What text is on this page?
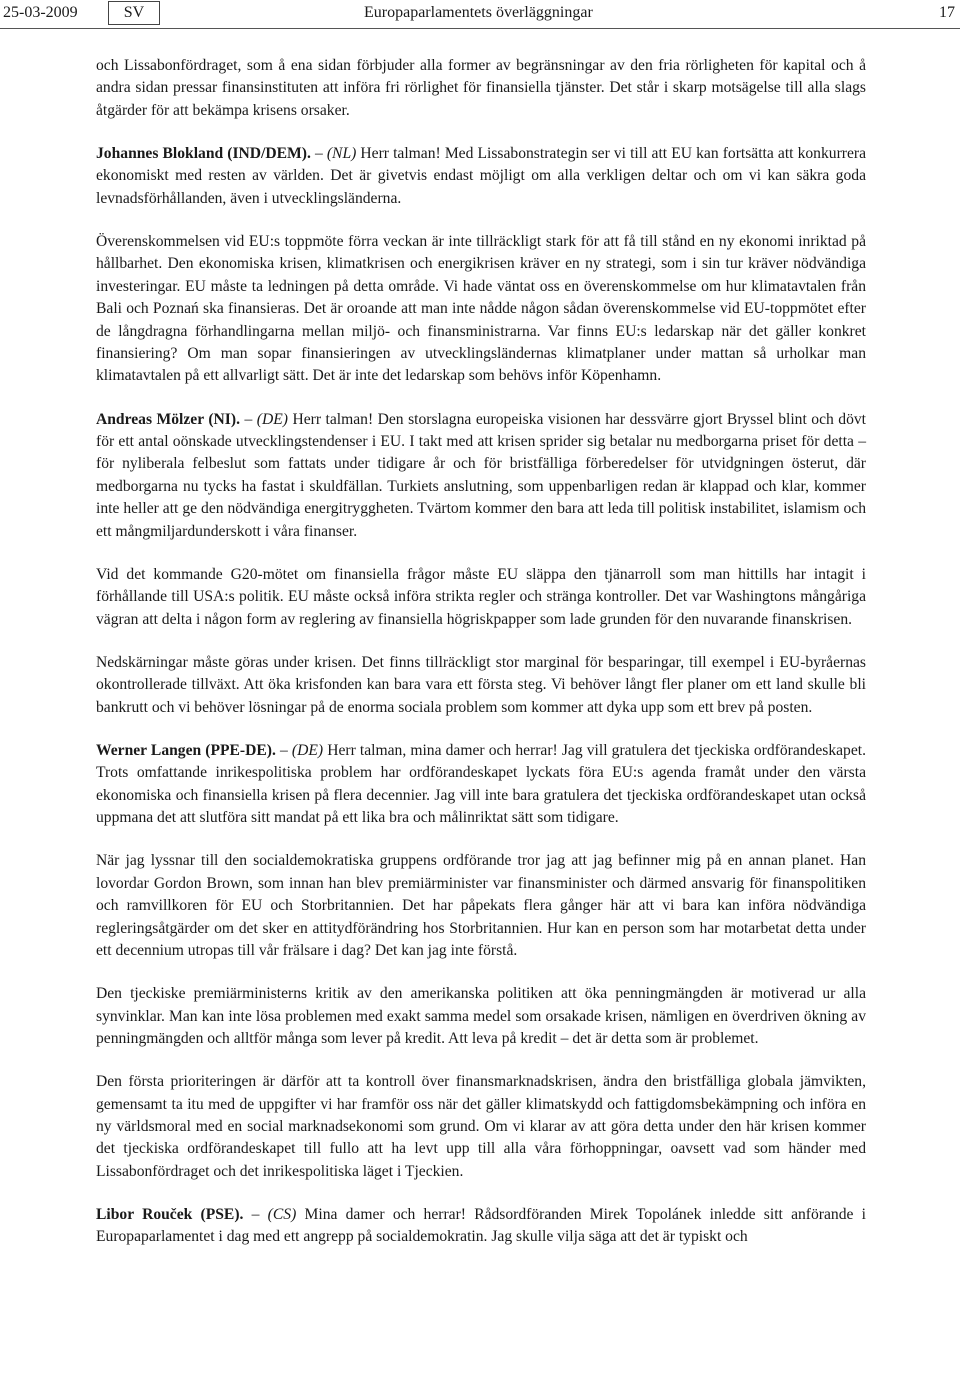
25-03-2009	SV	Europaparlamentets överläggningar	17

och Lissabonfördraget, som å ena sidan förbjuder alla former av begränsningar av den fria rörligheten för kapital och å andra sidan pressar finansinstituten att införa fri rörlighet för finansiella tjänster. Det står i skarp motsägelse till alla slags åtgärder för att bekämpa krisens orsaker.

Johannes Blokland (IND/DEM). – (NL) Herr talman! Med Lissabonstrategin ser vi till att EU kan fortsätta att konkurrera ekonomiskt med resten av världen. Det är givetvis endast möjligt om alla verkligen deltar och om vi kan säkra goda levnadsförhållanden, även i utvecklingsländerna.

Överenskommelsen vid EU:s toppmöte förra veckan är inte tillräckligt stark för att få till stånd en ny ekonomi inriktad på hållbarhet. Den ekonomiska krisen, klimatkrisen och energikrisen kräver en ny strategi, som i sin tur kräver nödvändiga investeringar. EU måste ta ledningen på detta område. Vi hade väntat oss en överenskommelse om hur klimatavtalen från Bali och Poznań ska finansieras. Det är oroande att man inte nådde någon sådan överenskommelse vid EU-toppmötet efter de långdragna förhandlingarna mellan miljö- och finansministrarna. Var finns EU:s ledarskap när det gäller konkret finansiering? Om man sopar finansieringen av utvecklingsländernas klimatplaner under mattan så urholkar man klimatavtalen på ett allvarligt sätt. Det är inte det ledarskap som behövs inför Köpenhamn.

Andreas Mölzer (NI). – (DE) Herr talman! Den storslagna europeiska visionen har dessvärre gjort Bryssel blint och dövt för ett antal oönskade utvecklingstendenser i EU. I takt med att krisen sprider sig betalar nu medborgarna priset för detta – för nyliberala felbeslut som fattats under tidigare år och för bristfälliga förberedelser för utvidgningen österut, där medborgarna nu tycks ha fastat i skuldfällan. Turkiets anslutning, som uppenbarligen redan är klappad och klar, kommer inte heller att ge den nödvändiga energitryggheten. Tvärtom kommer den bara att leda till politisk instabilitet, islamism och ett mångmiljardunderskott i våra finanser.

Vid det kommande G20-mötet om finansiella frågor måste EU släppa den tjänarroll som man hittills har intagit i förhållande till USA:s politik. EU måste också införa strikta regler och stränga kontroller. Det var Washingtons mångåriga vägran att delta i någon form av reglering av finansiella högriskpapper som lade grunden för den nuvarande finanskrisen.

Nedskärningar måste göras under krisen. Det finns tillräckligt stor marginal för besparingar, till exempel i EU-byråernas okontrollerade tillväxt. Att öka krisfonden kan bara vara ett första steg. Vi behöver långt fler planer om ett land skulle bli bankrutt och vi behöver lösningar på de enorma sociala problem som kommer att dyka upp som ett brev på posten.

Werner Langen (PPE-DE). – (DE) Herr talman, mina damer och herrar! Jag vill gratulera det tjeckiska ordförandeskapet. Trots omfattande inrikespolitiska problem har ordförandeskapet lyckats föra EU:s agenda framåt under den värsta ekonomiska och finansiella krisen på flera decennier. Jag vill inte bara gratulera det tjeckiska ordförandeskapet utan också uppmana det att slutföra sitt mandat på ett lika bra och målinriktat sätt som tidigare.

När jag lyssnar till den socialdemokratiska gruppens ordförande tror jag att jag befinner mig på en annan planet. Han lovordar Gordon Brown, som innan han blev premiärminister var finansminister och därmed ansvarig för finanspolitiken och ramvillkoren för EU och Storbritannien. Det har påpekats flera gånger här att vi bara kan införa nödvändiga regleringsåtgärder om det sker en attitydförändring hos Storbritannien. Hur kan en person som har motarbetat detta under ett decennium utropas till vår frälsare i dag? Det kan jag inte förstå.

Den tjeckiske premiärministerns kritik av den amerikanska politiken att öka penningmängden är motiverad ur alla synvinklar. Man kan inte lösa problemen med exakt samma medel som orsakade krisen, nämligen en överdriven ökning av penningmängden och alltför många som lever på kredit. Att leva på kredit – det är detta som är problemet.

Den första prioriteringen är därför att ta kontroll över finansmarknadskrisen, ändra den bristfälliga globala jämvikten, gemensamt ta itu med de uppgifter vi har framför oss när det gäller klimatskydd och fattigdomsbekämpning och införa en ny världsmoral med en social marknadsekonomi som grund. Om vi klarar av att göra detta under den här krisen kommer det tjeckiska ordförandeskapet till fullo att ha levt upp till alla våra förhoppningar, oavsett vad som händer med Lissabonfördraget och det inrikespolitiska läget i Tjeckien.

Libor Rouček (PSE). – (CS) Mina damer och herrar! Rådsordföranden Mirek Topolánek inledde sitt anförande i Europaparlamentet i dag med ett angrepp på socialdemokratin. Jag skulle vilja säga att det är typiskt och
